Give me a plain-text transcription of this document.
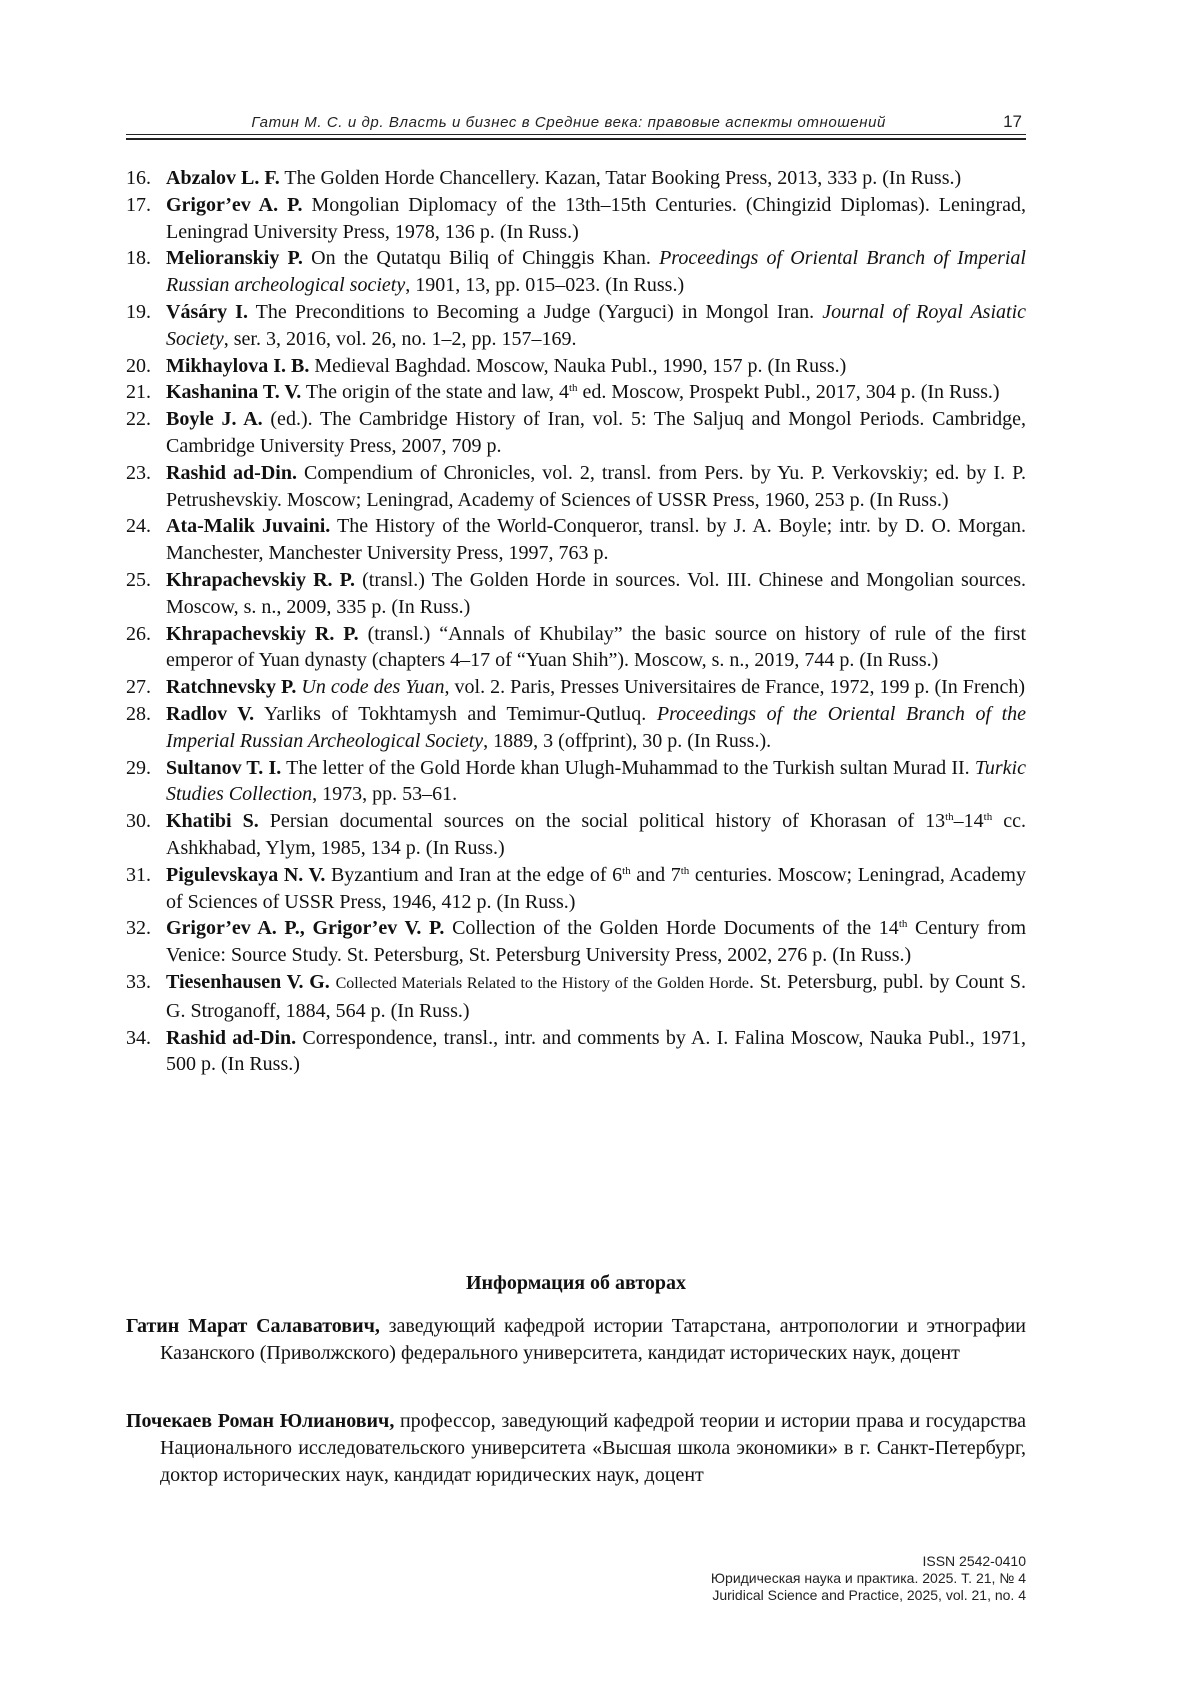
Гатин М. С. и др. Власть и бизнес в Средние века: правовые аспекты отношений	17
16. Abzalov L. F. The Golden Horde Chancellery. Kazan, Tatar Booking Press, 2013, 333 p. (In Russ.)
17. Grigor’ev A. P. Mongolian Diplomacy of the 13th–15th Centuries. (Chingizid Diplomas). Leningrad, Leningrad University Press, 1978, 136 p. (In Russ.)
18. Melioranskiy P. On the Qutatqu Biliq of Chinggis Khan. Proceedings of Oriental Branch of Imperial Russian archeological society, 1901, 13, pp. 015–023. (In Russ.)
19. Vásáry I. The Preconditions to Becoming a Judge (Yarguci) in Mongol Iran. Journal of Royal Asiatic Society, ser. 3, 2016, vol. 26, no. 1–2, pp. 157–169.
20. Mikhaylova I. B. Medieval Baghdad. Moscow, Nauka Publ., 1990, 157 p. (In Russ.)
21. Kashanina T. V. The origin of the state and law, 4th ed. Moscow, Prospekt Publ., 2017, 304 p. (In Russ.)
22. Boyle J. A. (ed.). The Cambridge History of Iran, vol. 5: The Saljuq and Mongol Periods. Cambridge, Cambridge University Press, 2007, 709 p.
23. Rashid ad-Din. Compendium of Chronicles, vol. 2, transl. from Pers. by Yu. P. Verkovskiy; ed. by I. P. Petrushevskiy. Moscow; Leningrad, Academy of Sciences of USSR Press, 1960, 253 p. (In Russ.)
24. Ata-Malik Juvaini. The History of the World-Conqueror, transl. by J. A. Boyle; intr. by D. O. Morgan. Manchester, Manchester University Press, 1997, 763 p.
25. Khrapachevskiy R. P. (transl.) The Golden Horde in sources. Vol. III. Chinese and Mongolian sources. Moscow, s. n., 2009, 335 p. (In Russ.)
26. Khrapachevskiy R. P. (transl.) “Annals of Khubilay” the basic source on history of rule of the first emperor of Yuan dynasty (chapters 4–17 of “Yuan Shih”). Moscow, s. n., 2019, 744 p. (In Russ.)
27. Ratchnevsky P. Un code des Yuan, vol. 2. Paris, Presses Universitaires de France, 1972, 199 p. (In French)
28. Radlov V. Yarliks of Tokhtamysh and Temimur-Qutluq. Proceedings of the Oriental Branch of the Imperial Russian Archeological Society, 1889, 3 (offprint), 30 p. (In Russ.).
29. Sultanov T. I. The letter of the Gold Horde khan Ulugh-Muhammad to the Turkish sultan Murad II. Turkic Studies Collection, 1973, pp. 53–61.
30. Khatibi S. Persian documental sources on the social political history of Khorasan of 13th–14th cc. Ashkhabad, Ylym, 1985, 134 p. (In Russ.)
31. Pigulevskaya N. V. Byzantium and Iran at the edge of 6th and 7th centuries. Moscow; Leningrad, Academy of Sciences of USSR Press, 1946, 412 p. (In Russ.)
32. Grigor’ev A. P., Grigor’ev V. P. Collection of the Golden Horde Documents of the 14th Century from Venice: Source Study. St. Petersburg, St. Petersburg University Press, 2002, 276 p. (In Russ.)
33. Tiesenhausen V. G. Collected Materials Related to the History of the Golden Horde. St. Petersburg, publ. by Count S. G. Stroganoff, 1884, 564 p. (In Russ.)
34. Rashid ad-Din. Correspondence, transl., intr. and comments by A. I. Falina Moscow, Nauka Publ., 1971, 500 p. (In Russ.)
Информация об авторах
Гатин Марат Салаватович, заведующий кафедрой истории Татарстана, антропологии и этнографии Казанского (Приволжского) федерального университета, кандидат исторических наук, доцент
Почекаев Роман Юлианович, профессор, заведующий кафедрой теории и истории права и государства Национального исследовательского университета «Высшая школа экономики» в г. Санкт-Петербург, доктор исторических наук, кандидат юридических наук, доцент
ISSN 2542-0410
Юридическая наука и практика. 2025. Т. 21, № 4
Juridical Science and Practice, 2025, vol. 21, no. 4
